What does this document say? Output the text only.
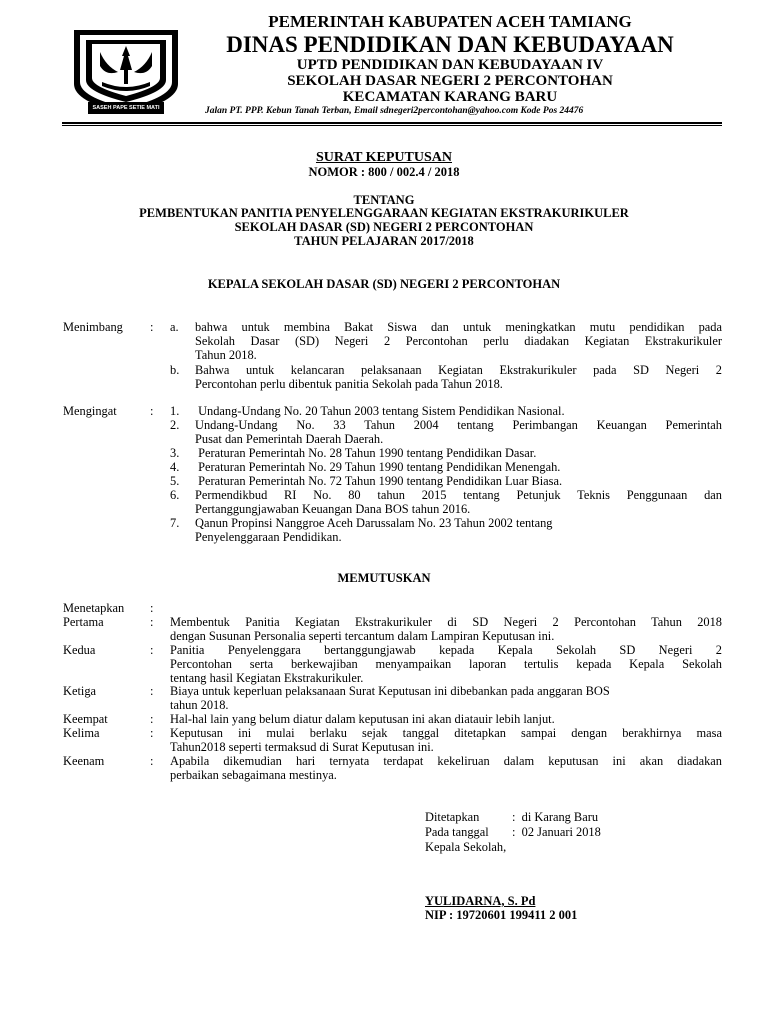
SASEH PAPE SETIE MATI
PEMERINTAH KABUPATEN ACEH TAMIANG
DINAS PENDIDIKAN DAN KEBUDAYAAN
UPTD PENDIDIKAN DAN KEBUDAYAAN IV
SEKOLAH DASAR NEGERI 2 PERCONTOHAN
KECAMATAN KARANG BARU
Jalan PT. PPP. Kebun Tanah Terban, Email sdnegeri2percontohan@yahoo.com Kode Pos 24476
SURAT KEPUTUSAN
NOMOR : 800 / 002.4 / 2018
TENTANG
PEMBENTUKAN PANITIA PENYELENGGARAAN KEGIATAN EKSTRAKURIKULER
SEKOLAH DASAR (SD) NEGERI 2 PERCONTOHAN
TAHUN PELAJARAN 2017/2018
KEPALA SEKOLAH DASAR (SD) NEGERI 2 PERCONTOHAN
Menimbang : a. bahwa untuk membina Bakat Siswa dan untuk meningkatkan mutu pendidikan pada
Sekolah Dasar (SD) Negeri 2 Percontohan perlu diadakan Kegiatan Ekstrakurikuler
Tahun 2018.
b. Bahwa untuk kelancaran pelaksanaan Kegiatan Ekstrakurikuler pada SD Negeri 2
Percontohan perlu dibentuk panitia Sekolah pada Tahun 2018.
Mengingat	: 1. Undang-Undang No. 20 Tahun 2003 tentang Sistem Pendidikan Nasional.
2. Undang-Undang No. 33 Tahun 2004 tentang Perimbangan Keuangan Pemerintah
Pusat dan Pemerintah Daerah Daerah.
3. Peraturan Pemerintah No. 28 Tahun 1990 tentang Pendidikan Dasar.
4. Peraturan Pemerintah No. 29 Tahun 1990 tentang Pendidikan Menengah.
5. Peraturan Pemerintah No. 72 Tahun 1990 tentang Pendidikan Luar Biasa.
6. Permendikbud RI No. 80 tahun 2015 tentang Petunjuk Teknis Penggunaan dan
Pertanggungjawaban Keuangan Dana BOS tahun 2016.
7. Qanun Propinsi Nanggroe Aceh Darussalam No. 23 Tahun 2002 tentang
Penyelenggaraan Pendidikan.
MEMUTUSKAN
Menetapkan :
Pertama	: Membentuk Panitia Kegiatan Ekstrakurikuler di SD Negeri 2 Percontohan Tahun 2018
dengan Susunan Personalia seperti tercantum dalam Lampiran Keputusan ini.
Kedua	: Panitia Penyelenggara bertanggungjawab kepada Kepala Sekolah SD Negeri 2
Percontohan serta berkewajiban menyampaikan laporan tertulis kepada Kepala Sekolah
tentang hasil Kegiatan Ekstrakurikuler.
Ketiga	: Biaya untuk keperluan pelaksanaan Surat Keputusan ini dibebankan pada anggaran BOS
tahun 2018.
Keempat	: Hal-hal lain yang belum diatur dalam keputusan ini akan diatauir lebih lanjut.
Kelima	: Keputusan ini mulai berlaku sejak tanggal ditetapkan sampai dengan berakhirnya masa
Tahun2018 seperti termaksud di Surat Keputusan ini.
Keenam	: Apabila dikemudian hari ternyata terdapat kekeliruan dalam keputusan ini akan diadakan
perbaikan sebagaimana mestinya.
Ditetapkan	:  di Karang Baru
Pada tanggal :  02 Januari 2018
Kepala Sekolah,
YULIDARNA, S. Pd
NIP : 19720601 199411 2 001
